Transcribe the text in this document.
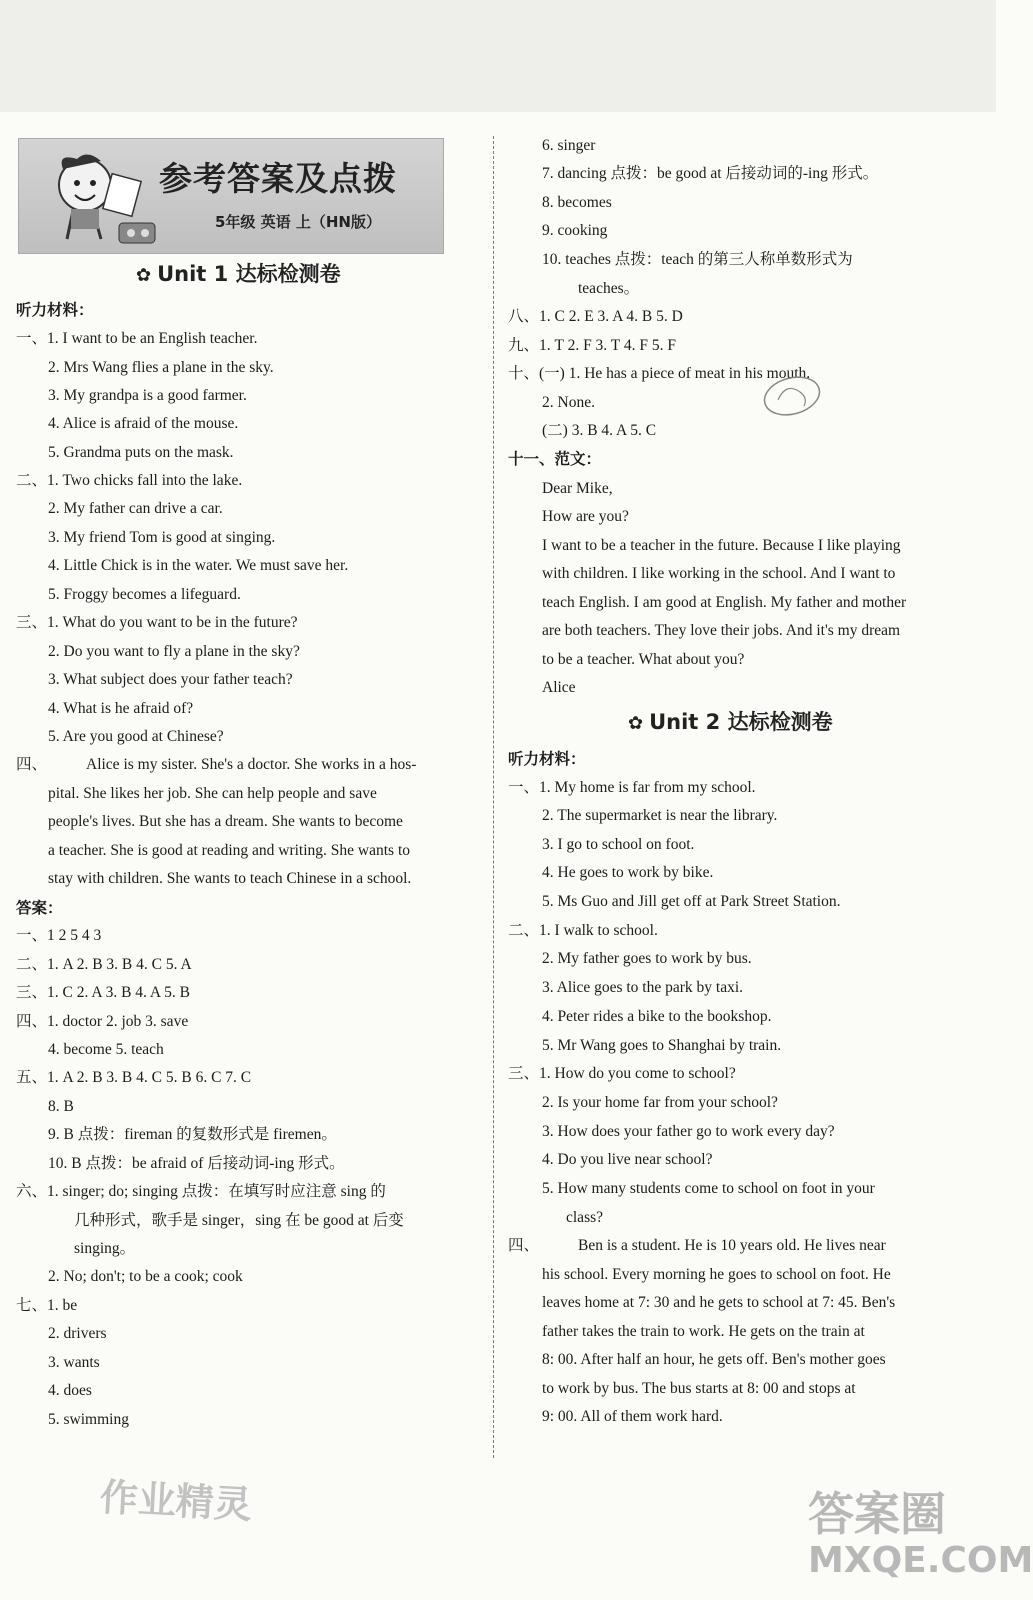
参考答案及点拨
5年级 英语 上（HN版）
✿ Unit 1 达标检测卷
听力材料：
一、1. I want to be an English teacher.
2. Mrs Wang flies a plane in the sky.
3. My grandpa is a good farmer.
4. Alice is afraid of the mouse.
5. Grandma puts on the mask.
二、1. Two chicks fall into the lake.
2. My father can drive a car.
3. My friend Tom is good at singing.
4. Little Chick is in the water. We must save her.
5. Froggy becomes a lifeguard.
三、1. What do you want to be in the future?
2. Do you want to fly a plane in the sky?
3. What subject does your father teach?
4. What is he afraid of?
5. Are you good at Chinese?
四、	Alice is my sister. She's a doctor. She works in a hos-
pital. She likes her job. She can help people and save
people's lives. But she has a dream. She wants to become
a teacher. She is good at reading and writing. She wants to
stay with children. She wants to teach Chinese in a school.
答案：
一、1 2 5 4 3
二、1. A 2. B 3. B 4. C 5. A
三、1. C 2. A 3. B 4. A 5. B
四、1. doctor 2. job 3. save
4. become 5. teach
五、1. A 2. B 3. B 4. C 5. B 6. C 7. C
8. B
9. B 点拨：fireman 的复数形式是 firemen。
10. B 点拨：be afraid of 后接动词-ing 形式。
六、1. singer; do; singing 点拨：在填写时应注意 sing 的
几种形式，歌手是 singer，sing 在 be good at 后变
singing。
2. No; don't; to be a cook; cook
七、1. be
2. drivers
3. wants
4. does
5. swimming
6. singer
7. dancing 点拨：be good at 后接动词的-ing 形式。
8. becomes
9. cooking
10. teaches 点拨：teach 的第三人称单数形式为
teaches。
八、1. C 2. E 3. A 4. B 5. D
九、1. T 2. F 3. T 4. F 5. F
十、(一) 1. He has a piece of meat in his mouth.
2. None.
(二) 3. B 4. A 5. C
十一、范文：
Dear Mike,
How are you?
I want to be a teacher in the future. Because I like playing
with children. I like working in the school. And I want to
teach English. I am good at English. My father and mother
are both teachers. They love their jobs. And it's my dream
to be a teacher. What about you?
Alice
✿ Unit 2 达标检测卷
听力材料：
一、1. My home is far from my school.
2. The supermarket is near the library.
3. I go to school on foot.
4. He goes to work by bike.
5. Ms Guo and Jill get off at Park Street Station.
二、1. I walk to school.
2. My father goes to work by bus.
3. Alice goes to the park by taxi.
4. Peter rides a bike to the bookshop.
5. Mr Wang goes to Shanghai by train.
三、1. How do you come to school?
2. Is your home far from your school?
3. How does your father go to work every day?
4. Do you live near school?
5. How many students come to school on foot in your
class?
四、	Ben is a student. He is 10 years old. He lives near
his school. Every morning he goes to school on foot. He
leaves home at 7: 30 and he gets to school at 7: 45. Ben's
father takes the train to work. He gets on the train at
8: 00. After half an hour, he gets off. Ben's mother goes
to work by bus. The bus starts at 8: 00 and stops at
9: 00. All of them work hard.
作业精灵	答案圈
MXQE.COM
